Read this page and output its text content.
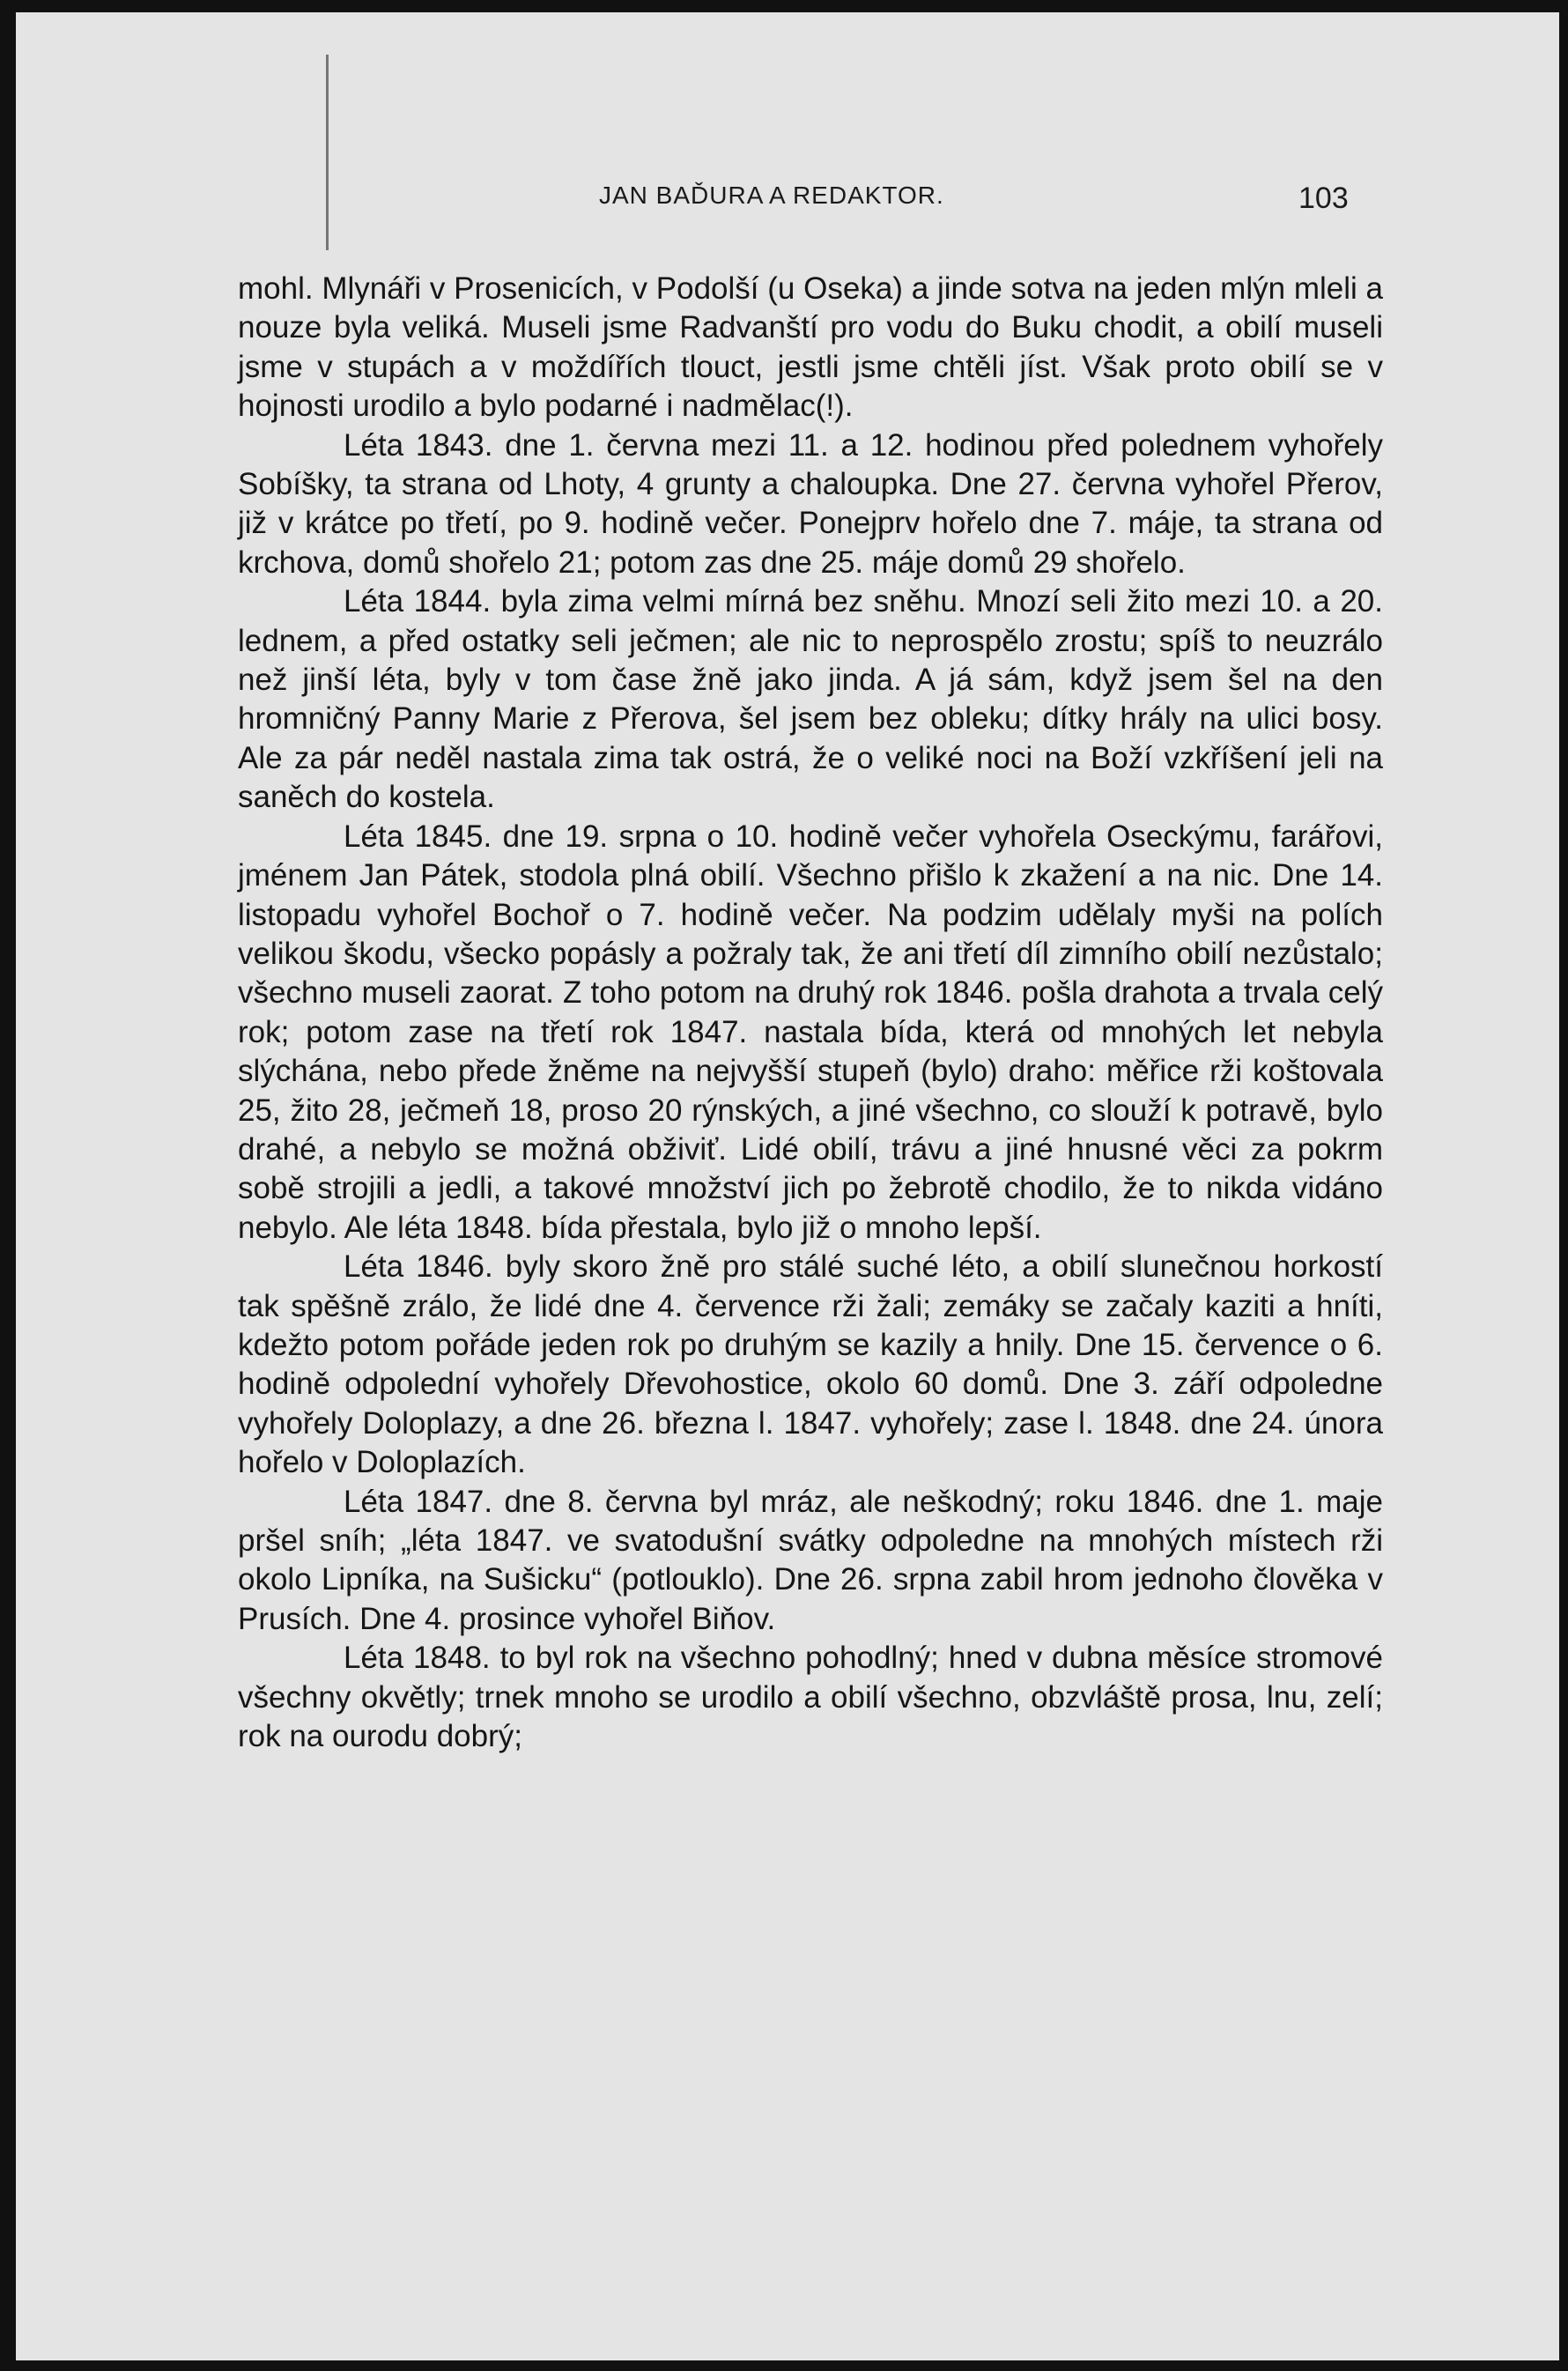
JAN BAĎURA A REDAKTOR.	103

mohl. Mlynáři v Prosenicích, v Podolší (u Oseka) a jinde sotva na jeden mlýn mleli a nouze byla veliká. Museli jsme Radvanští pro vodu do Buku chodit, a obilí museli jsme v stupách a v moždířích tlouct, jestli jsme chtěli jíst. Však proto obilí se v hojnosti urodilo a bylo podarné i nadmělac(!).

Léta 1843. dne 1. června mezi 11. a 12. hodinou před polednem vyhořely Sobíšky, ta strana od Lhoty, 4 grunty a chaloupka. Dne 27. června vyhořel Přerov, již v krátce po třetí, po 9. hodině večer. Ponejprv hořelo dne 7. máje, ta strana od krchova, domů shořelo 21; potom zas dne 25. máje domů 29 shořelo.

Léta 1844. byla zima velmi mírná bez sněhu. Mnozí seli žito mezi 10. a 20. lednem, a před ostatky seli ječmen; ale nic to neprospělo zrostu; spíš to neuzrálo než jinší léta, byly v tom čase žně jako jinda. A já sám, když jsem šel na den hromničný Panny Marie z Přerova, šel jsem bez obleku; dítky hrály na ulici bosy. Ale za pár neděl nastala zima tak ostrá, že o veliké noci na Boží vzkříšení jeli na saněch do kostela.

Léta 1845. dne 19. srpna o 10. hodině večer vyhořela Oseckýmu, farářovi, jménem Jan Pátek, stodola plná obilí. Všechno přišlo k zkažení a na nic. Dne 14. listopadu vyhořel Bochoř o 7. hodině večer. Na podzim udělaly myši na polích velikou škodu, všecko popásly a požraly tak, že ani třetí díl zimního obilí nezůstalo; všechno museli zaorat. Z toho potom na druhý rok 1846. pošla drahota a trvala celý rok; potom zase na třetí rok 1847. nastala bída, která od mnohých let nebyla slýchána, nebo přede žněme na nejvyšší stupeň (bylo) draho: měřice rži koštovala 25, žito 28, ječmeň 18, proso 20 rýnských, a jiné všechno, co slouží k potravě, bylo drahé, a nebylo se možná obživiť. Lidé obilí, trávu a jiné hnusné věci za pokrm sobě strojili a jedli, a takové množství jich po žebrotě chodilo, že to nikda vidáno nebylo. Ale léta 1848. bída přestala, bylo již o mnoho lepší.

Léta 1846. byly skoro žně pro stálé suché léto, a obilí slunečnou horkostí tak spěšně zrálo, že lidé dne 4. července rži žali; zemáky se začaly kaziti a hníti, kdežto potom pořáde jeden rok po druhým se kazily a hnily. Dne 15. července o 6. hodině odpolední vyhořely Dřevohostice, okolo 60 domů. Dne 3. září odpoledne vyhořely Doloplazy, a dne 26. března l. 1847. vyhořely; zase l. 1848. dne 24. února hořelo v Doloplazích.

Léta 1847. dne 8. června byl mráz, ale neškodný; roku 1846. dne 1. maje pršel sníh; „léta 1847. ve svatodušní svátky odpoledne na mnohých místech rži okolo Lipníka, na Sušicku“ (potlouklo). Dne 26. srpna zabil hrom jednoho člověka v Prusích. Dne 4. prosince vyhořel Biňov.

Léta 1848. to byl rok na všechno pohodlný; hned v dubna měsíce stromové všechny okvětly; trnek mnoho se urodilo a obilí všechno, obzvláště prosa, lnu, zelí; rok na ourodu dobrý;
